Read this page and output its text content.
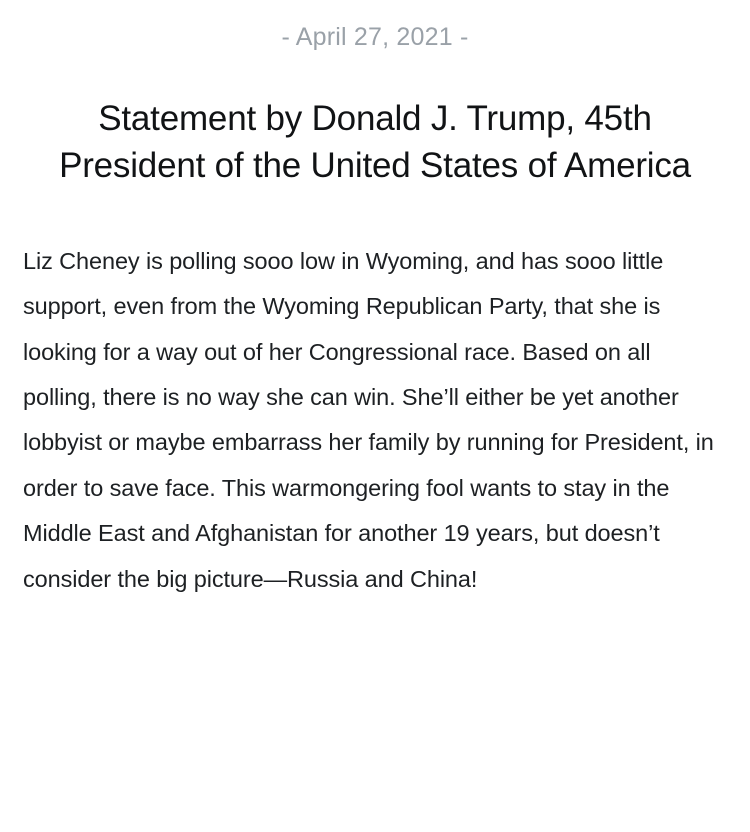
- April 27, 2021 -
Statement by Donald J. Trump, 45th President of the United States of America

Liz Cheney is polling sooo low in Wyoming, and has sooo little support, even from the Wyoming Republican Party, that she is looking for a way out of her Congressional race. Based on all polling, there is no way she can win. She’ll either be yet another lobbyist or maybe embarrass her family by running for President, in order to save face. This warmongering fool wants to stay in the Middle East and Afghanistan for another 19 years, but doesn’t consider the big picture—Russia and China!
